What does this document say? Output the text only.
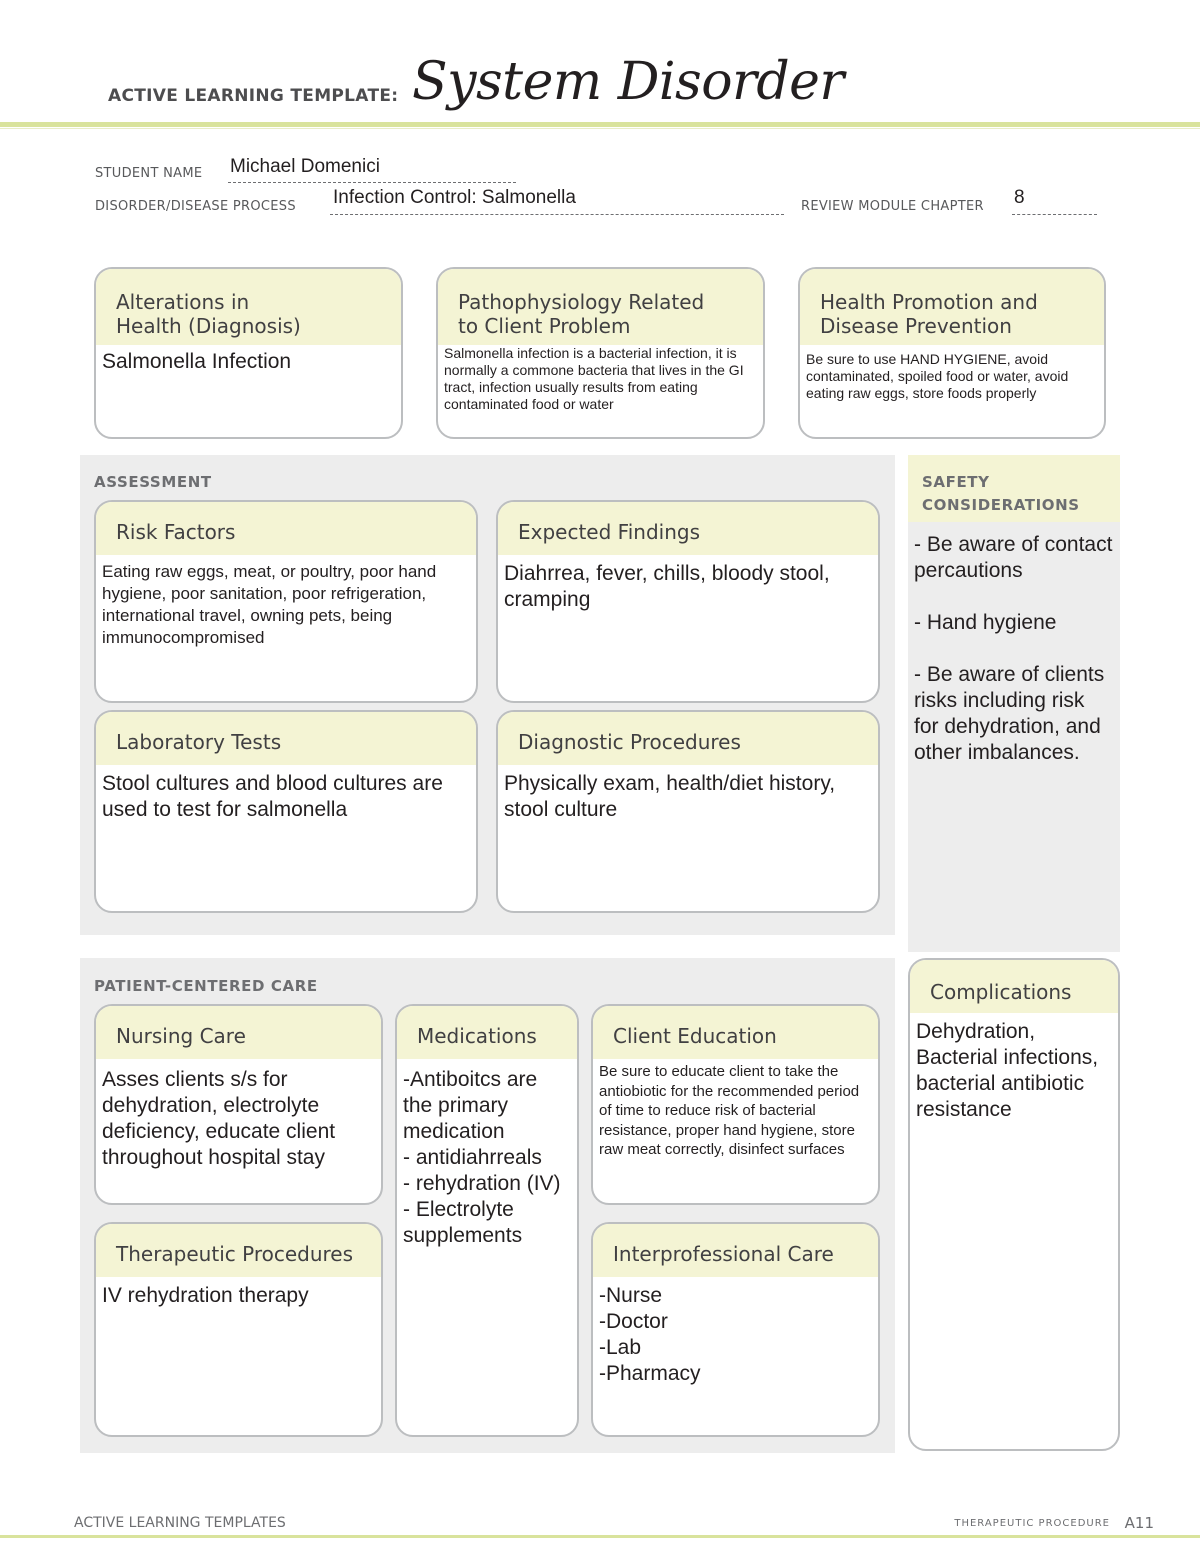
ACTIVE LEARNING TEMPLATE: System Disorder
STUDENT NAME Michael Domenici
DISORDER/DISEASE PROCESS Infection Control: Salmonella	REVIEW MODULE CHAPTER 8
Alterations in
Health (Diagnosis)
Salmonella Infection
Pathophysiology Related
to Client Problem
Salmonella infection is a bacterial infection, it is normally a commone bacteria that lives in the GI tract, infection usually results from eating contaminated food or water
Health Promotion and
Disease Prevention
Be sure to use HAND HYGIENE, avoid contaminated, spoiled food or water, avoid eating raw eggs, store foods properly
ASSESSMENT
Risk Factors
Eating raw eggs, meat, or poultry, poor hand hygiene, poor sanitation, poor refrigeration, international travel, owning pets, being immunocompromised
Expected Findings
Diahrrea, fever, chills, bloody stool, cramping
Laboratory Tests
Stool cultures and blood cultures are used to test for salmonella
Diagnostic Procedures
Physically exam, health/diet history, stool culture
SAFETY
CONSIDERATIONS

- Be aware of contact percautions

- Hand hygiene

- Be aware of clients risks including risk for dehydration, and other imbalances.

PATIENT-CENTERED CARE
Nursing Care
Asses clients s/s for dehydration, electrolyte deficiency, educate client throughout hospital stay
Medications
-Antiboitcs are the primary medication
- antidiahrreals
- rehydration (IV)
- Electrolyte supplements
Client Education
Be sure to educate client to take the antiobiotic for the recommended period of time to reduce risk of bacterial resistance, proper hand hygiene, store raw meat correctly, disinfect surfaces
Therapeutic Procedures
IV rehydration therapy
Interprofessional Care
-Nurse
-Doctor
-Lab
-Pharmacy
Complications
Dehydration, Bacterial infections, bacterial antibiotic resistance
ACTIVE LEARNING TEMPLATES	THERAPEUTIC PROCEDURE A11
